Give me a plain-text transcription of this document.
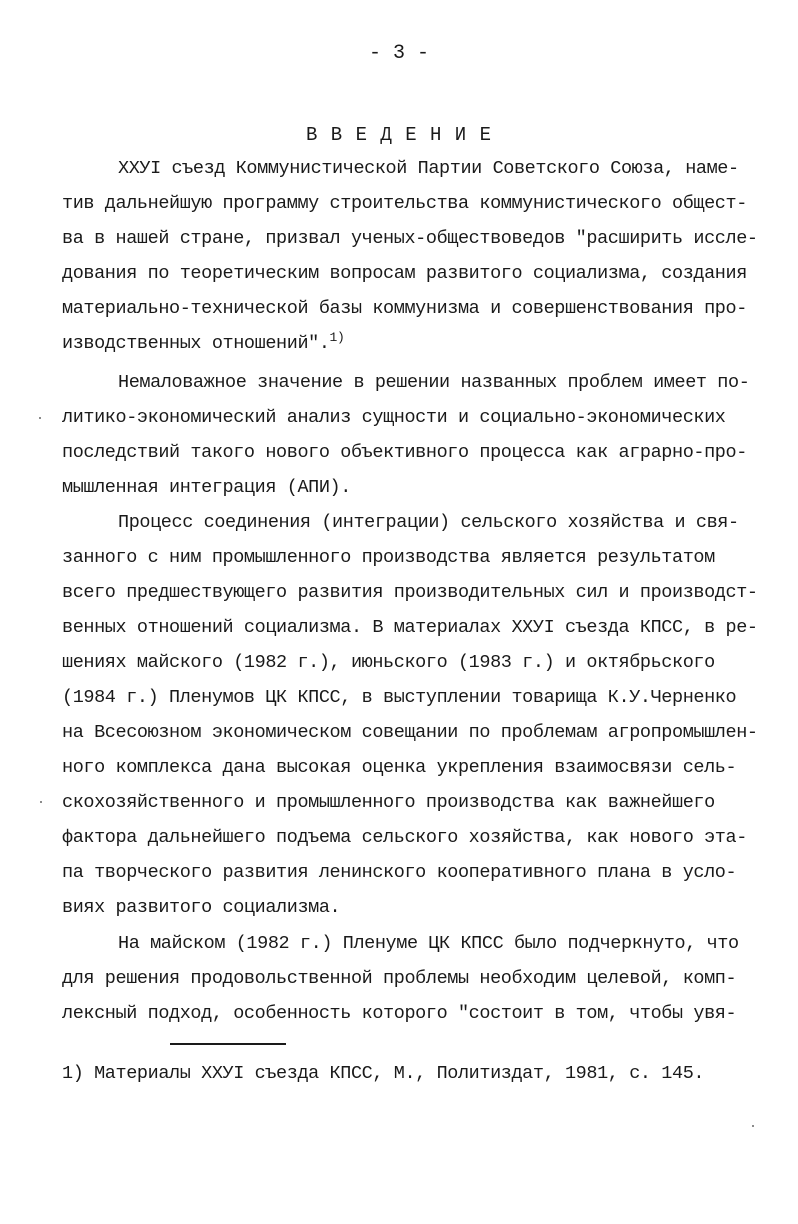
- 3 -
В В Е Д Е Н И Е
ХХУI съезд Коммунистической Партии Советского Союза, наме-
тив дальнейшую программу строительства коммунистического общест-
ва в нашей стране, призвал ученых-обществоведов "расширить иссле-
дования по теоретическим вопросам развитого социализма, создания
материально-технической базы коммунизма и совершенствования про-
изводственных отношений".$^{1)}$
Немаловажное значение в решении названных проблем имеет по-
литико-экономический анализ сущности и социально-экономических
последствий такого нового объективного процесса как аграрно-про-
мышленная интеграция (АПИ).
Процесс соединения (интеграции) сельского хозяйства и свя-
занного с ним промышленного производства является результатом
всего предшествующего развития производительных сил и производст-
венных отношений социализма. В материалах ХХУI съезда КПСС, в ре-
шениях майского (1982 г.), июньского (1983 г.) и октябрьского
(1984 г.) Пленумов ЦК КПСС, в выступлении товарища К.У.Черненко
на Всесоюзном экономическом совещании по проблемам агропромышлен-
ного комплекса дана высокая оценка укрепления взаимосвязи сель-
скохозяйственного и промышленного производства как важнейшего
фактора дальнейшего подъема сельского хозяйства, как нового эта-
па творческого развития ленинского кооперативного плана в усло-
виях развитого социализма.
На майском (1982 г.) Пленуме ЦК КПСС было подчеркнуто, что
для решения продовольственной проблемы необходим целевой, комп-
лексный подход, особенность которого "состоит в том, чтобы увя-
1) Материалы ХХУI съезда КПСС, М., Политиздат, 1981, с. 145.
